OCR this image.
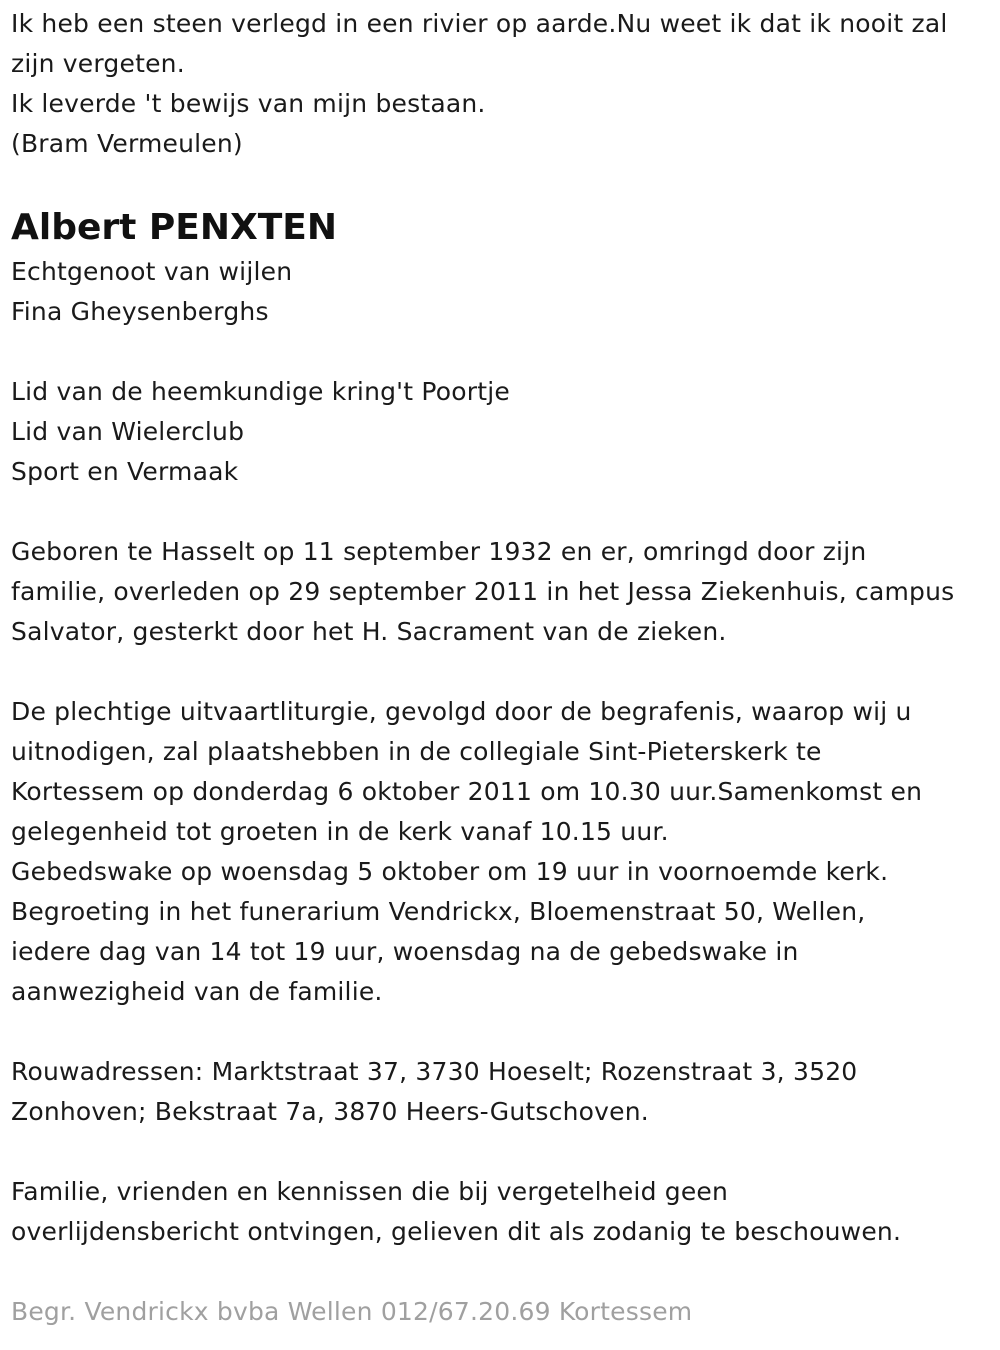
Ik heb een steen verlegd in een rivier op aarde.Nu weet ik dat ik nooit zal
zijn vergeten.
Ik leverde 't bewijs van mijn bestaan.
(Bram Vermeulen)
Albert PENXTEN
Echtgenoot van wijlen
Fina Gheysenberghs
Lid van de heemkundige kring't Poortje
Lid van Wielerclub
Sport en Vermaak
Geboren te Hasselt op 11 september 1932 en er, omringd door zijn
familie, overleden op 29 september 2011 in het Jessa Ziekenhuis, campus
Salvator, gesterkt door het H. Sacrament van de zieken.
De plechtige uitvaartliturgie, gevolgd door de begrafenis, waarop wij u
uitnodigen, zal plaatshebben in de collegiale Sint-Pieterskerk te
Kortessem op donderdag 6 oktober 2011 om 10.30 uur.Samenkomst en
gelegenheid tot groeten in de kerk vanaf 10.15 uur.
Gebedswake op woensdag 5 oktober om 19 uur in voornoemde kerk.
Begroeting in het funerarium Vendrickx, Bloemenstraat 50, Wellen,
iedere dag van 14 tot 19 uur, woensdag na de gebedswake in
aanwezigheid van de familie.
Rouwadressen: Marktstraat 37, 3730 Hoeselt; Rozenstraat 3, 3520
Zonhoven; Bekstraat 7a, 3870 Heers-Gutschoven.
Familie, vrienden en kennissen die bij vergetelheid geen
overlijdensbericht ontvingen, gelieven dit als zodanig te beschouwen.
Begr. Vendrickx bvba Wellen 012/67.20.69 Kortessem
